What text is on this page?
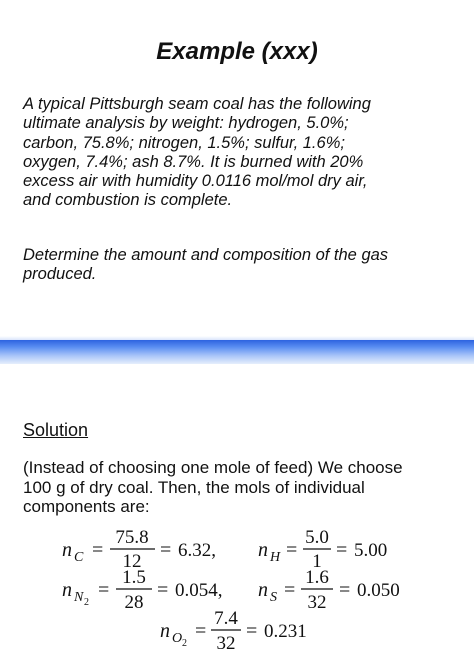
Example (xxx)
A typical Pittsburgh seam coal has the following
ultimate analysis by weight: hydrogen, 5.0%;
carbon, 75.8%; nitrogen, 1.5%; sulfur, 1.6%;
oxygen, 7.4%; ash 8.7%. It is burned with 20%
excess air with humidity 0.0116 mol/mol dry air,
and combustion is complete.
Determine the amount and composition of the gas
produced.
Solution
(Instead of choosing one mole of feed) We choose
100 g of dry coal. Then, the mols of individual
components are:
n C =
75.8
12
= 6.32, n H =
5.0
1
= 5.00
n N 2
=
1.5
28
= 0.054, n S =
1.6
32
= 0.050
n O 2
=
7.4
32
= 0.231
